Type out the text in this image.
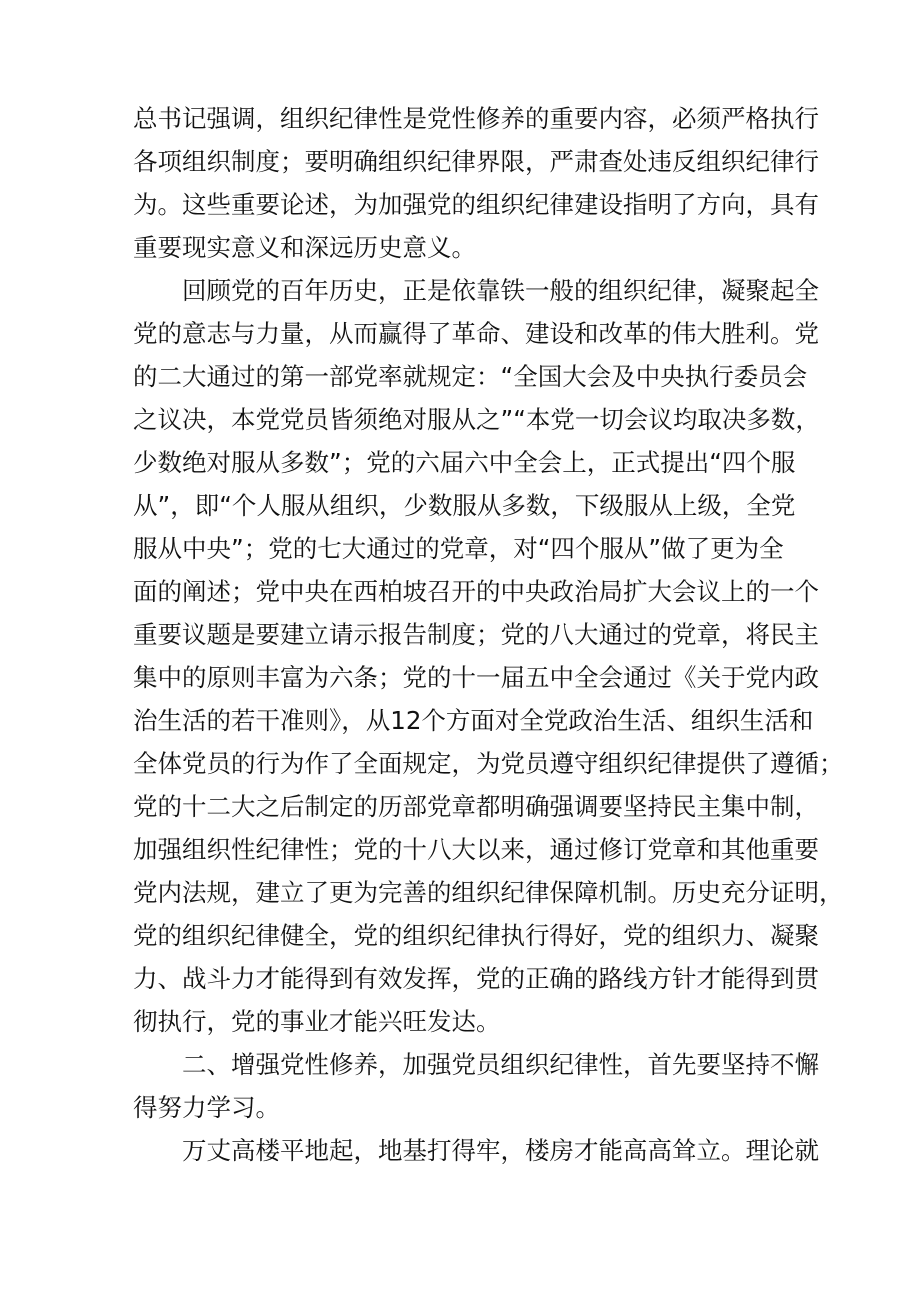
总书记强调，组织纪律性是党性修养的重要内容，必须严格执行
各项组织制度；要明确组织纪律界限，严肃查处违反组织纪律行
为。这些重要论述，为加强党的组织纪律建设指明了方向，具有
重要现实意义和深远历史意义。
回顾党的百年历史，正是依靠铁一般的组织纪律，凝聚起全
党的意志与力量，从而赢得了革命、建设和改革的伟大胜利。党
的二大通过的第一部党率就规定：“全国大会及中央执行委员会
之议决，本党党员皆须绝对服从之”“本党一切会议均取决多数，
少数绝对服从多数”；党的六届六中全会上，正式提出“四个服
从”，即“个人服从组织，少数服从多数，下级服从上级，全党
服从中央”；党的七大通过的党章，对“四个服从”做了更为全
面的阐述；党中央在西柏坡召开的中央政治局扩大会议上的一个
重要议题是要建立请示报告制度；党的八大通过的党章，将民主
集中的原则丰富为六条；党的十一届五中全会通过《关于党内政
治生活的若干准则》，从12个方面对全党政治生活、组织生活和
全体党员的行为作了全面规定，为党员遵守组织纪律提供了遵循；
党的十二大之后制定的历部党章都明确强调要坚持民主集中制，
加强组织性纪律性；党的十八大以来，通过修订党章和其他重要
党内法规，建立了更为完善的组织纪律保障机制。历史充分证明，
党的组织纪律健全，党的组织纪律执行得好，党的组织力、凝聚
力、战斗力才能得到有效发挥，党的正确的路线方针才能得到贯
彻执行，党的事业才能兴旺发达。
二、增强党性修养，加强党员组织纪律性，首先要坚持不懈
得努力学习。
万丈高楼平地起，地基打得牢，楼房才能高高耸立。理论就
